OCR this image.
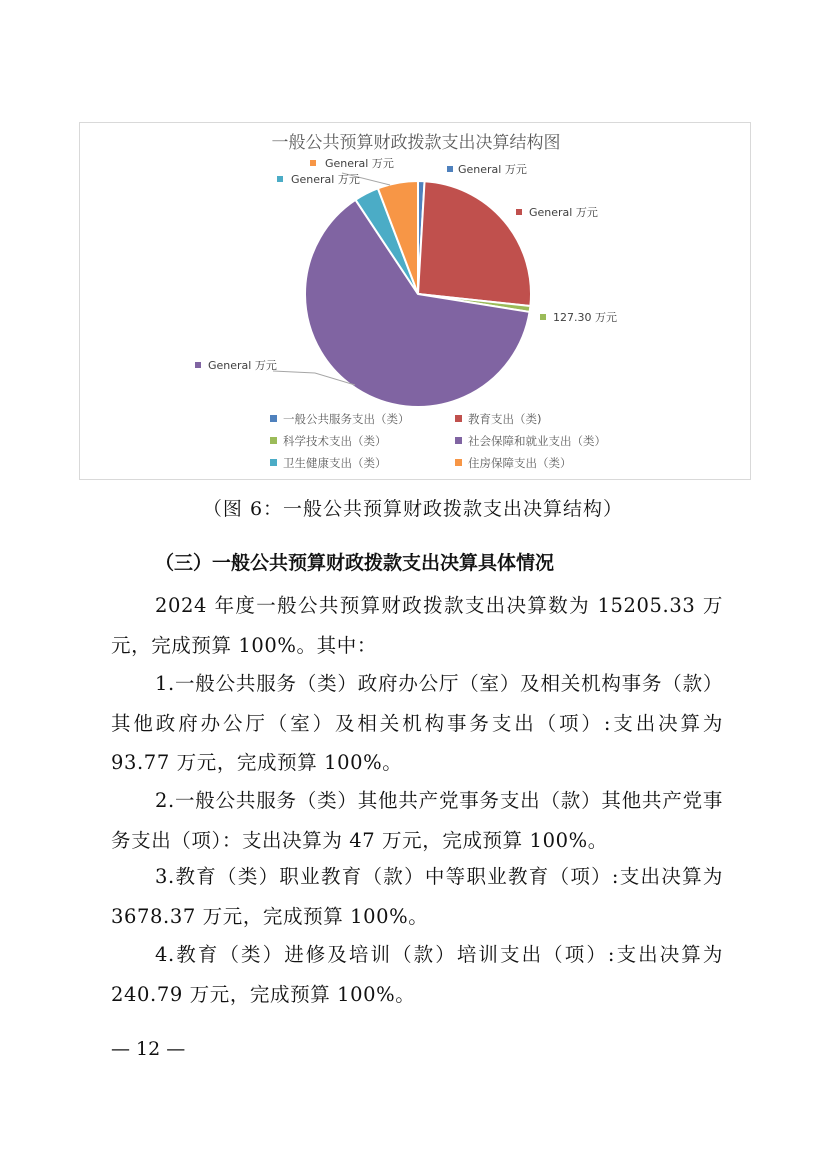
一般公共预算财政拨款支出决算结构图
General 万元
General 万元
127.30 万元
General 万元
General 万元
General 万元
一般公共服务支出（类）	教育支出（类)
科学技术支出（类）	社会保障和就业支出（类）
卫生健康支出（类）	住房保障支出（类）
（图 6：一般公共预算财政拨款支出决算结构）
（三）一般公共预算财政拨款支出决算具体情况
2024 年度一般公共预算财政拨款支出决算数为 15205.33 万元，完成预算 100%。其中：
1.一般公共服务（类）政府办公厅（室）及相关机构事务（款）其他政府办公厅（室）及相关机构事务支出（项）:支出决算为 93.77 万元，完成预算 100%。
2.一般公共服务（类）其他共产党事务支出（款）其他共产党事务支出（项）：支出决算为 47 万元，完成预算 100%。
3.教育（类）职业教育（款）中等职业教育（项）:支出决算为 3678.37 万元，完成预算 100%。
4.教育（类）进修及培训（款）培训支出（项）:支出决算为 240.79 万元，完成预算 100%。
— 12 —
